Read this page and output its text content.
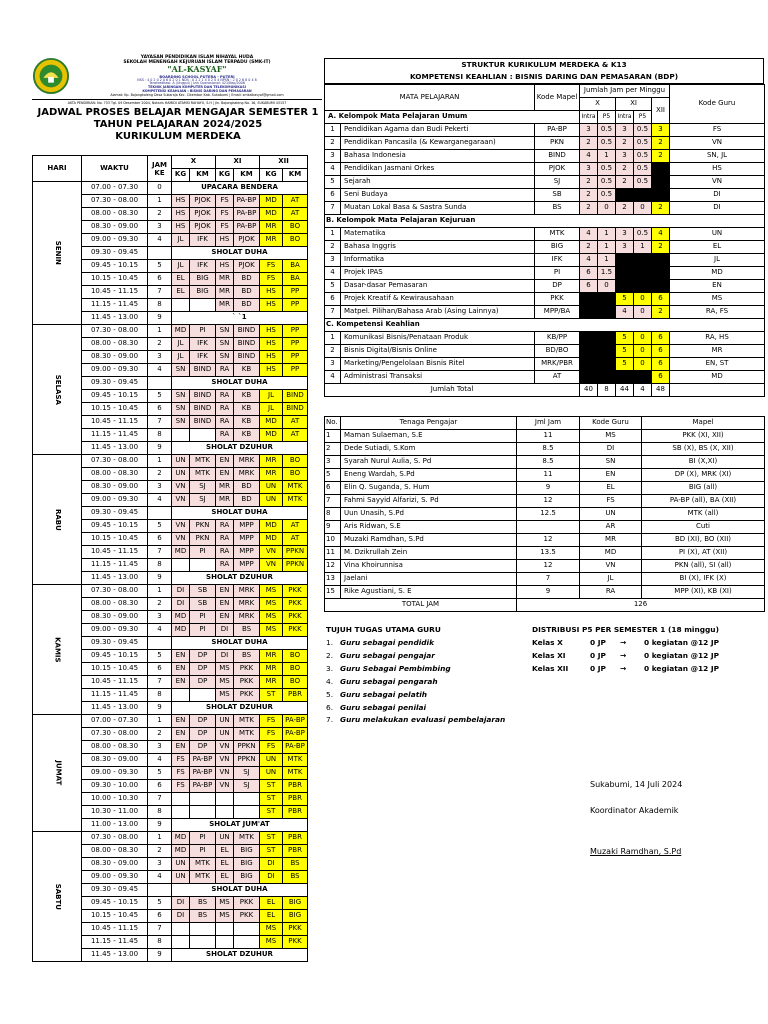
YAYASAN PENDIDIKAN ISLAM NIHAYAL HUDA
SEKOLAH MENENGAH KEJURUAN ISLAM TERPADU (SMK-IT)
"AL-KASYAF"
BOARDING SCHOOL PUTERA - PUTERI
NSS : 4 0 2 0 2 0 6 0 2 0 1 NDS : 0 2 2 1 4 0 2 0 4 NPSN : 2 0 2 6 8 0 4 8
Terakreditasi: A (Unggul) | Izin Operasional: 421/Kep/2008
TEKNIK JARINGAN KOMPUTER DAN TELEKOMUNIKASI
KOMPETENSI KEAHLIAN : BISNIS DARING DAN PEMASARAN
Alamat: Kp. Bojongkaleng Desa Sukaraja Kec. Cikembar Kab. Sukabumi | Email: smkalkasyaf@gmail.com
AKTA PENDIRIAN: No. 753 Tgl. 09 Desember 2004, Notaris HAMIDI ATAMSI RAHAYU, S.H | Jln. Bojongkaleng No. 16, SUKABUMI 43157
JADWAL PROSES BELAJAR MENGAJAR SEMESTER 1
TAHUN PELAJARAN 2024/2025
KURIKULUM MERDEKA
HARI	WAKTU	JAM KE	X		XI		XII	
			KG	KM	KG	KM	KG	KM
SENIN	07.00 - 07.30	0	UPACARA BENDERA					
	07.30 - 08.00	1	HS	PJOK	FS	PA-BP	MD	AT
	08.00 - 08.30	2	HS	PJOK	FS	PA-BP	MD	AT
	08.30 - 09.00	3	HS	PJOK	FS	PA-BP	MR	BO
	09.00 - 09.30	4	JL	IFK	HS	PJOK	MR	BO
	09.30 - 09.45		SHOLAT DUHA					
	09.45 - 10.15	5	JL	IFK	HS	PJOK	FS	BA
	10.15 - 10.45	6	EL	BIG	MR	BD	FS	BA
	10.45 - 11.15	7	EL	BIG	MR	BD	HS	PP
	11.15 - 11.45	8			MR	BD	HS	PP
	11.45 - 13.00	9	` `1					
SELASA	07.30 - 08.00	1	MD	PI	SN	BIND	HS	PP
	08.00 - 08.30	2	JL	IFK	SN	BIND	HS	PP
	08.30 - 09.00	3	JL	IFK	SN	BIND	HS	PP
	09.00 - 09.30	4	SN	BIND	RA	KB	HS	PP
	09.30 - 09.45		SHOLAT DUHA					
	09.45 - 10.15	5	SN	BIND	RA	KB	JL	BIND
	10.15 - 10.45	6	SN	BIND	RA	KB	JL	BIND
	10.45 - 11.15	7	SN	BIND	RA	KB	MD	AT
	11.15 - 11.45	8			RA	KB	MD	AT
	11.45 - 13.00	9	SHOLAT DZUHUR					
RABU	07.30 - 08.00	1	UN	MTK	EN	MRK	MR	BO
	08.00 - 08.30	2	UN	MTK	EN	MRK	MR	BO
	08.30 - 09.00	3	VN	SJ	MR	BD	UN	MTK
	09.00 - 09.30	4	VN	SJ	MR	BD	UN	MTK
	09.30 - 09.45		SHOLAT DUHA					
	09.45 - 10.15	5	VN	PKN	RA	MPP	MD	AT
	10.15 - 10.45	6	VN	PKN	RA	MPP	MD	AT
	10.45 - 11.15	7	MD	PI	RA	MPP	VN	PPKN
	11.15 - 11.45	8			RA	MPP	VN	PPKN
	11.45 - 13.00	9	SHOLAT DZUHUR					
KAMIS	07.30 - 08.00	1	DI	SB	EN	MRK	MS	PKK
	08.00 - 08.30	2	DI	SB	EN	MRK	MS	PKK
	08.30 - 09.00	3	MD	PI	EN	MRK	MS	PKK
	09.00 - 09.30	4	MD	PI	DI	BS	MS	PKK
	09.30 - 09.45		SHOLAT DUHA					
	09.45 - 10.15	5	EN	DP	DI	BS	MR	BO
	10.15 - 10.45	6	EN	DP	MS	PKK	MR	BO
	10.45 - 11.15	7	EN	DP	MS	PKK	MR	BO
	11.15 - 11.45	8			MS	PKK	ST	PBR
	11.45 - 13.00	9	SHOLAT DZUHUR					
JUMAT	07.00 - 07.30	1	EN	DP	UN	MTK	FS	PA-BP
	07.30 - 08.00	2	EN	DP	UN	MTK	FS	PA-BP
	08.00 - 08.30	3	EN	DP	VN	PPKN	FS	PA-BP
	08.30 - 09.00	4	FS	PA-BP	VN	PPKN	UN	MTK
	09.00 - 09.30	5	FS	PA-BP	VN	SJ	UN	MTK
	09.30 - 10.00	6	FS	PA-BP	VN	SJ	ST	PBR
	10.00 - 10.30	7					ST	PBR
	10.30 - 11.00	8					ST	PBR
	11.00 - 13.00	9	SHOLAT JUM'AT					
SABTU	07.30 - 08.00	1	MD	PI	UN	MTK	ST	PBR
	08.00 - 08.30	2	MD	PI	EL	BIG	ST	PBR
	08.30 - 09.00	3	UN	MTK	EL	BIG	DI	BS
	09.00 - 09.30	4	UN	MTK	EL	BIG	DI	BS
	09.30 - 09.45		SHOLAT DUHA					
	09.45 - 10.15	5	DI	BS	MS	PKK	EL	BIG
	10.15 - 10.45	6	DI	BS	MS	PKK	EL	BIG
	10.45 - 11.15	7					MS	PKK
	11.15 - 11.45	8					MS	PKK
	11.45 - 13.00	9	SHOLAT DZUHUR					
STRUKTUR KURIKULUM MERDEKA & K13
KOMPETENSI KEAHLIAN : BISNIS DARING DAN PEMASARAN (BDP)
MATA PELAJARAN		Kode Mapel	Jumlah Jam per Minggu					Kode Guru
			X		XI		XII	
A. Kelompok Mata Pelajaran Umum			Intra	P5	Intra	P5		
1	Pendidikan Agama dan Budi Pekerti	PA-BP	3	0.5	3	0.5	3	FS
2	Pendidikan Pancasila (& Kewarganegaraan)	PKN	2	0.5	2	0.5	2	VN
3	Bahasa Indonesia	BIND	4	1	3	0.5	2	SN, JL
4	Pendidikan Jasmani Orkes	PJOK	3	0.5	2	0.5		HS
5	Sejarah	SJ	2	0.5	2	0.5		VN
6	Seni Budaya	SB	2	0.5				DI
7	Muatan Lokal Basa & Sastra Sunda	BS	2	0	2	0	2	DI
B. Kelompok Mata Pelajaran Kejuruan								
1	Matematika	MTK	4	1	3	0.5	4	UN
2	Bahasa Inggris	BIG	2	1	3	1	2	EL
3	Informatika	IFK	4	1				JL
4	Projek IPAS	PI	6	1.5				MD
5	Dasar-dasar Pemasaran	DP	6	0				EN
6	Projek Kreatif & Kewirausahaan	PKK			5	0	6	MS
7	Matpel. Pilihan/Bahasa Arab (Asing Lainnya)	MPP/BA			4	0	2	RA, FS
C. Kompetensi Keahlian								
1	Komunikasi Bisnis/Penataan Produk	KB/PP			5	0	6	RA, HS
2	Bisnis Digital/Bisnis Online	BD/BO			5	0	6	MR
3	Marketing/Pengelolaan Bisnis Ritel	MRK/PBR			5	0	6	EN, ST
4	Administrasi Transaksi	AT					6	MD
Jumlah Total			40	8	44	4	48	
No.	Tenaga Pengajar	Jml Jam	Kode Guru	Mapel
1	Maman Sulaeman, S.E	11	MS	PKK (XI, XII)
2	Dede Sutiadi, S.Kom	8.5	DI	SB (X), BS (X, XII)
3	Syarah Nurul Aulia, S. Pd	8.5	SN	BI (X,XI)
5	Eneng Wardah, S.Pd	11	EN	DP (X), MRK (XI)
6	Elin Q. Suganda, S. Hum	9	EL	BIG (all)
7	Fahmi Sayyid Alfarizi, S. Pd	12	FS	PA-BP (all), BA (XII)
8	Uun Unasih, S.Pd	12.5	UN	MTK (all)
9	Aris Ridwan, S.E		AR	Cuti
10	Muzaki Ramdhan, S.Pd	12	MR	BD (XI), BO (XII)
11	M. Dzikrullah Zein	13.5	MD	PI (X), AT (XII)
12	Vina Khoirunnisa	12	VN	PKN (all), SI (all)
13	Jaelani	7	JL	BI (X), IFK (X)
15	Rike Agustiani, S. E	9	RA	MPP (XI), KB (XI)
TOTAL JAM		126		
TUJUH TUGAS UTAMA GURU
1. Guru sebagai pendidik
2. Guru sebagai pengajar
3. Guru Sebagai Pembimbing
4. Guru sebagai pengarah
5. Guru sebagai pelatih
6. Guru sebagai penilai
7. Guru melakukan evaluasi pembelajaran
DISTRIBUSI P5 PER SEMESTER 1 (18 minggu)
Kelas X	0 JP → 0 kegiatan @12 JP
Kelas XI	0 JP → 0 kegiatan @12 JP
Kelas XII	0 JP → 0 kegiatan @12 JP
Sukabumi, 14 Juli 2024
Koordinator Akademik
Muzaki Ramdhan, S.Pd
